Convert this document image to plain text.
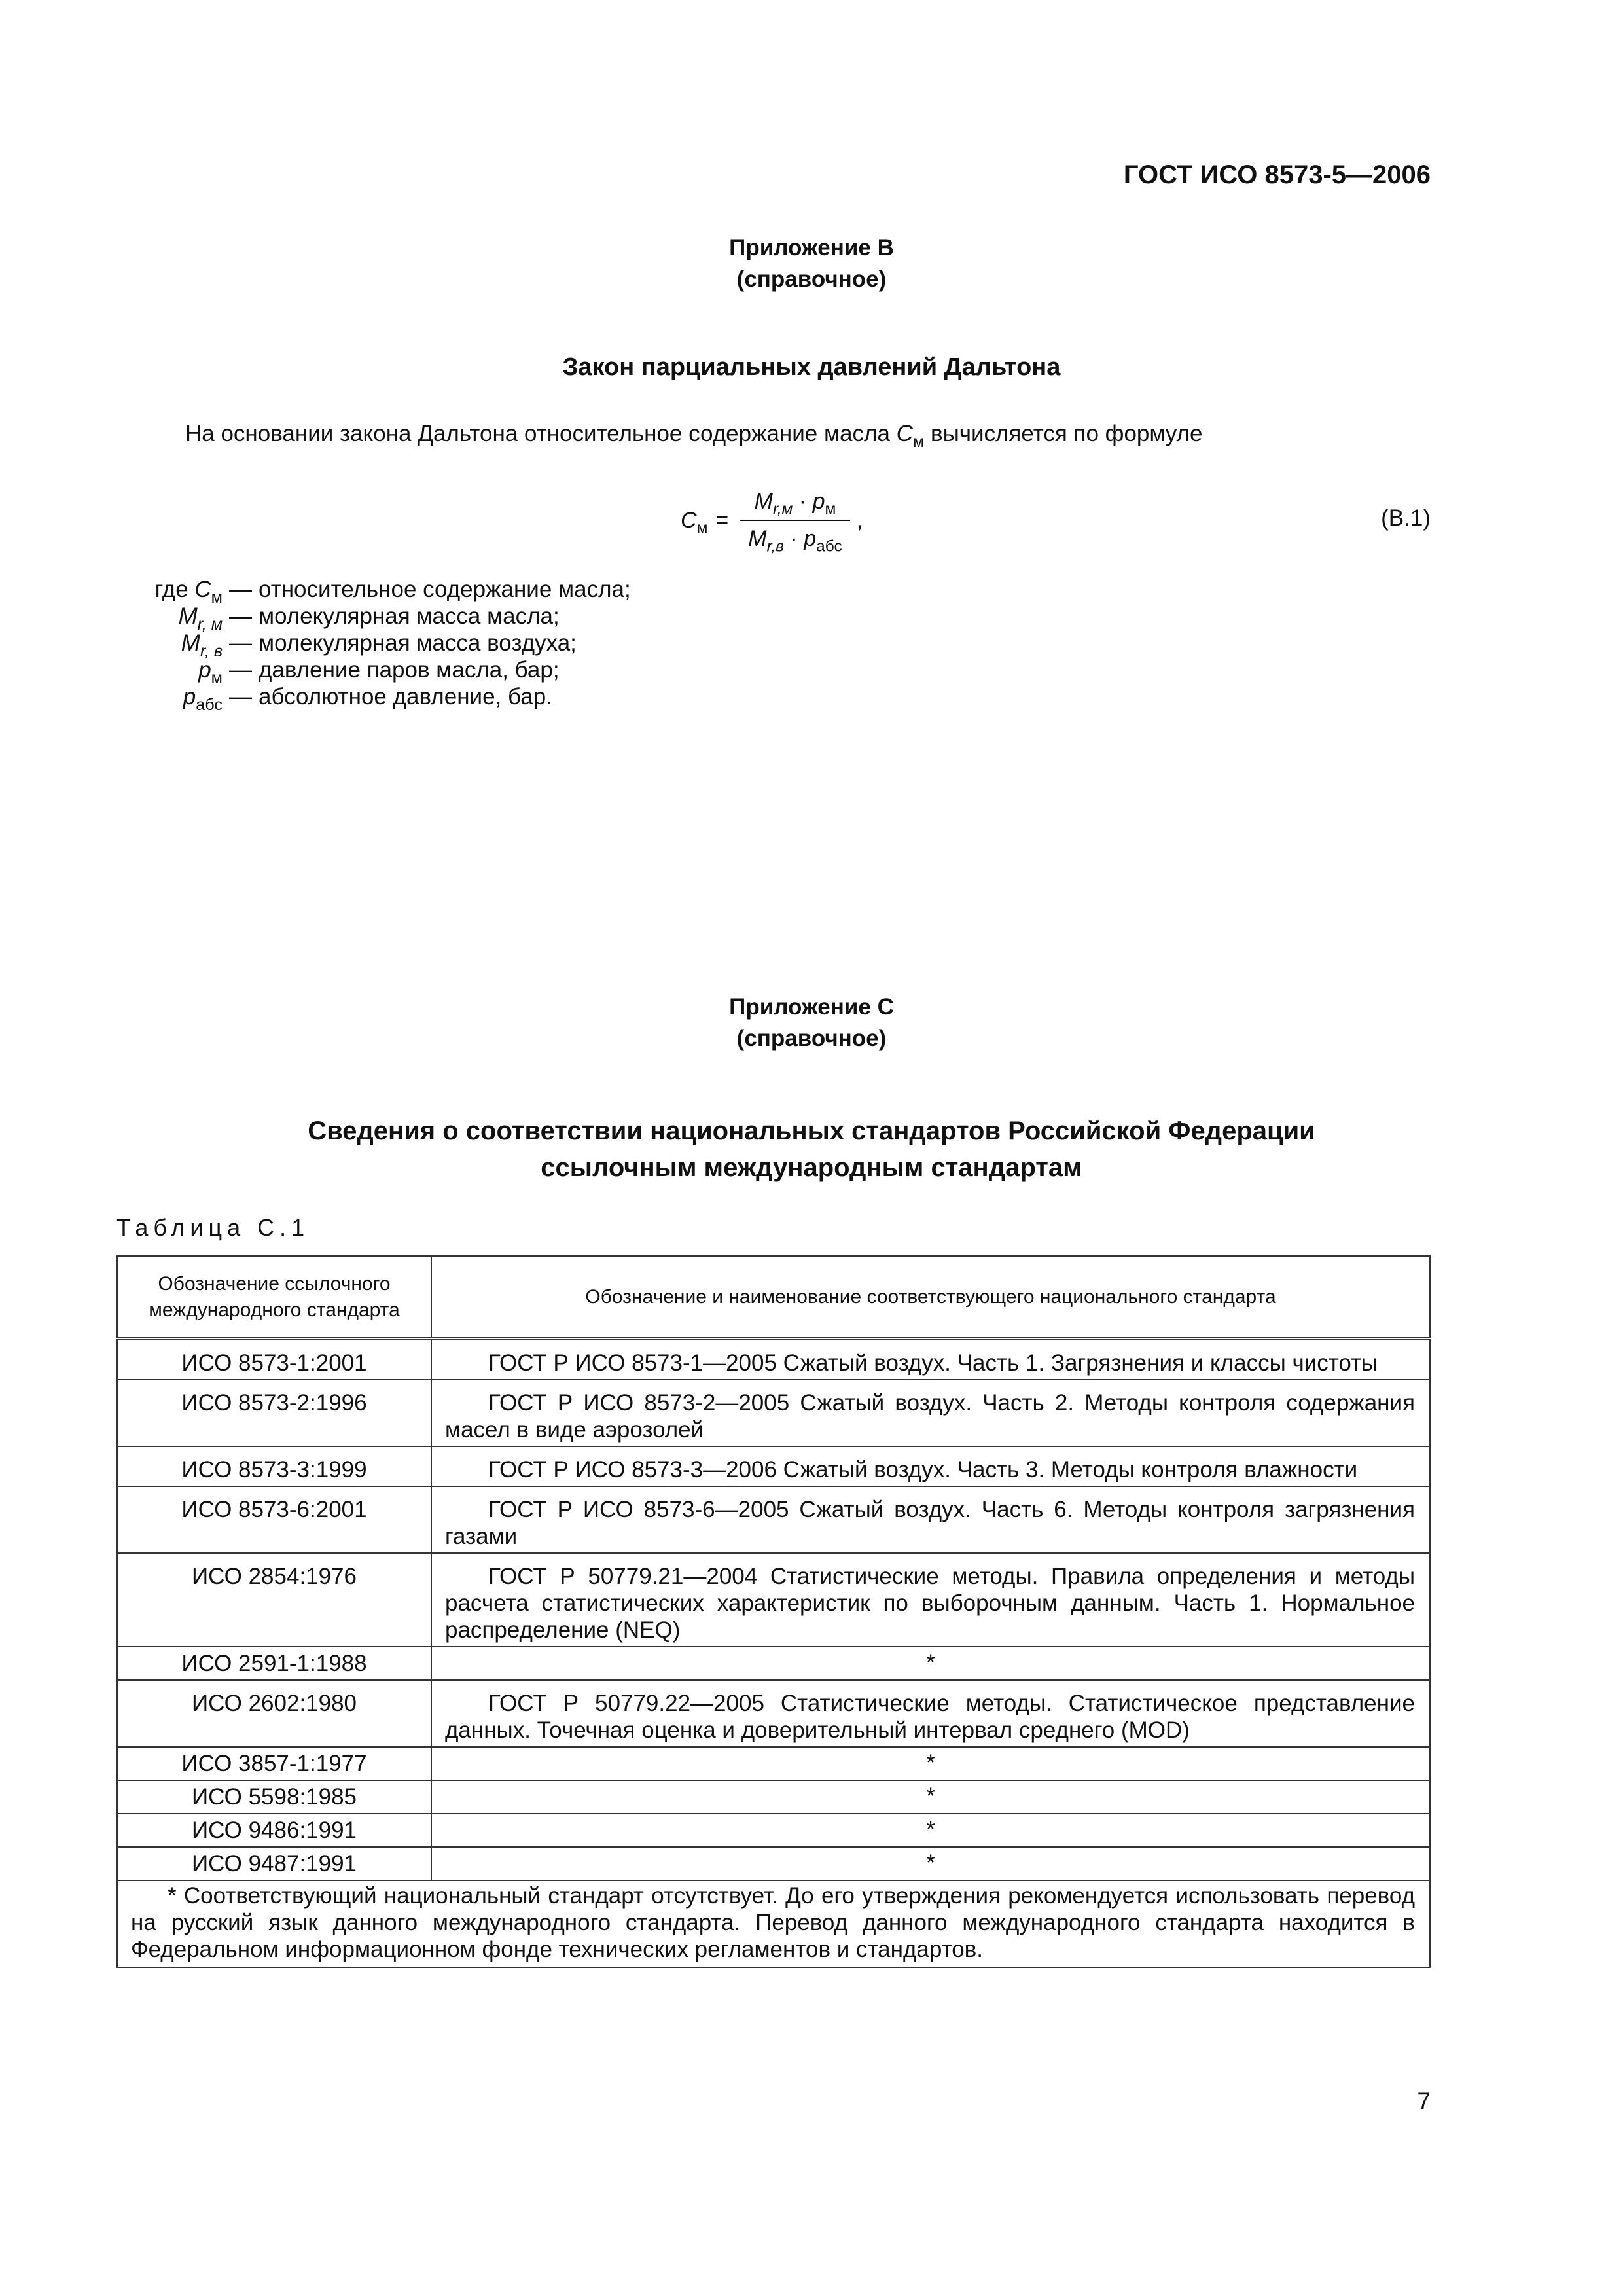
ГОСТ ИСО 8573-5—2006
Приложение B
(справочное)
Закон парциальных давлений Дальтона
На основании закона Дальтона относительное содержание масла $C_м$ вычисляется по формуле
$C_м = \frac{M_{r,м} \cdot p_м}{M_{r,в} \cdot p_{абс}}$ ,	(B.1)
где $C_м$ — относительное содержание масла;
$M_{r, м}$ — молекулярная масса масла;
$M_{r, в}$ — молекулярная масса воздуха;
$p_м$ — давление паров масла, бар;
$p_{абс}$ — абсолютное давление, бар.
Приложение C
(справочное)
Сведения о соответствии национальных стандартов Российской Федерации
ссылочным международным стандартам
Таблица C.1
Обозначение ссылочного международного стандарта	Обозначение и наименование соответствующего национального стандарта
ИСО 8573-1:2001	ГОСТ Р ИСО 8573-1—2005 Сжатый воздух. Часть 1. Загрязнения и классы чистоты
ИСО 8573-2:1996	ГОСТ Р ИСО 8573-2—2005 Сжатый воздух. Часть 2. Методы контроля содержания масел в виде аэрозолей
ИСО 8573-3:1999	ГОСТ Р ИСО 8573-3—2006 Сжатый воздух. Часть 3. Методы контроля влажности
ИСО 8573-6:2001	ГОСТ Р ИСО 8573-6—2005 Сжатый воздух. Часть 6. Методы контроля загрязнения газами
ИСО 2854:1976	ГОСТ Р 50779.21—2004 Статистические методы. Правила определения и методы расчета статистических характеристик по выборочным данным. Часть 1. Нормальное распределение (NEQ)
ИСО 2591-1:1988	*
ИСО 2602:1980	ГОСТ Р 50779.22—2005 Статистические методы. Статистическое представление данных. Точечная оценка и доверительный интервал среднего (MOD)
ИСО 3857-1:1977	*
ИСО 5598:1985	*
ИСО 9486:1991	*
ИСО 9487:1991	*
* Соответствующий национальный стандарт отсутствует. До его утверждения рекомендуется использовать перевод на русский язык данного международного стандарта. Перевод данного международного стандарта находится в Федеральном информационном фонде технических регламентов и стандартов.	
7
